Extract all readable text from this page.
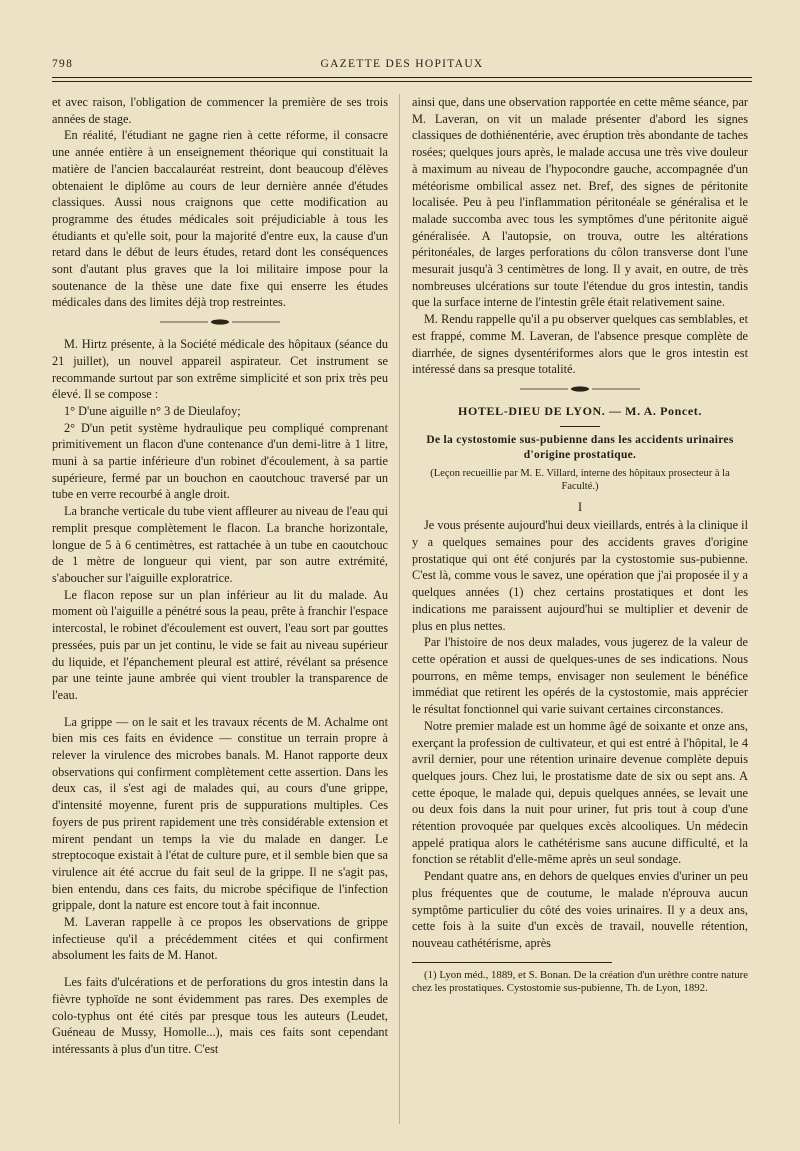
798	GAZETTE DES HOPITAUX

et avec raison, l'obligation de commencer la première de ses trois années de stage.

En réalité, l'étudiant ne gagne rien à cette réforme, il consacre une année entière à un enseignement théorique qui constituait la matière de l'ancien baccalauréat restreint, dont beaucoup d'élèves obtenaient le diplôme au cours de leur dernière année d'études classiques. Aussi nous craignons que cette modification au programme des études médicales soit préjudiciable à tous les étudiants et qu'elle soit, pour la majorité d'entre eux, la cause d'un retard dans le début de leurs études, retard dont les conséquences sont d'autant plus graves que la loi militaire impose pour la soutenance de la thèse une date fixe qui enserre les études médicales dans des limites déjà trop restreintes.

M. Hirtz présente, à la Société médicale des hôpitaux (séance du 21 juillet), un nouvel appareil aspirateur. Cet instrument se recommande surtout par son extrême simplicité et son prix très peu élevé. Il se compose :

1° D'une aiguille n° 3 de Dieulafoy;

2° D'un petit système hydraulique peu compliqué comprenant primitivement un flacon d'une contenance d'un demi-litre à 1 litre, muni à sa partie inférieure d'un robinet d'écoulement, à sa partie supérieure, fermé par un bouchon en caoutchouc traversé par un tube en verre recourbé à angle droit.

La branche verticale du tube vient affleurer au niveau de l'eau qui remplit presque complètement le flacon. La branche horizontale, longue de 5 à 6 centimètres, est rattachée à un tube en caoutchouc de 1 mètre de longueur qui vient, par son autre extrémité, s'aboucher sur l'aiguille exploratrice.

Le flacon repose sur un plan inférieur au lit du malade. Au moment où l'aiguille a pénétré sous la peau, prête à franchir l'espace intercostal, le robinet d'écoulement est ouvert, l'eau sort par gouttes pressées, puis par un jet continu, le vide se fait au niveau supérieur du liquide, et l'épanchement pleural est attiré, révélant sa présence par une teinte jaune ambrée qui vient troubler la transparence de l'eau.

La grippe — on le sait et les travaux récents de M. Achalme ont bien mis ces faits en évidence — constitue un terrain propre à relever la virulence des microbes banals. M. Hanot rapporte deux observations qui confirment complètement cette assertion. Dans les deux cas, il s'est agi de malades qui, au cours d'une grippe, d'intensité moyenne, furent pris de suppurations multiples. Ces foyers de pus prirent rapidement une très considérable extension et mirent pendant un temps la vie du malade en danger. Le streptocoque existait à l'état de culture pure, et il semble bien que sa virulence ait été accrue du fait seul de la grippe. Il ne s'agit pas, bien entendu, dans ces faits, du microbe spécifique de l'infection grippale, dont la nature est encore tout à fait inconnue.

M. Laveran rappelle à ce propos les observations de grippe infectieuse qu'il a précédemment citées et qui confirment absolument les faits de M. Hanot.

Les faits d'ulcérations et de perforations du gros intestin dans la fièvre typhoïde ne sont évidemment pas rares. Des exemples de colo-typhus ont été cités par presque tous les auteurs (Leudet, Guéneau de Mussy, Homolle...), mais ces faits sont cependant intéressants à plus d'un titre. C'est

ainsi que, dans une observation rapportée en cette même séance, par M. Laveran, on vit un malade présenter d'abord les signes classiques de dothiénentérie, avec éruption très abondante de taches rosées; quelques jours après, le malade accusa une très vive douleur à maximum au niveau de l'hypocondre gauche, accompagnée d'un météorisme ombilical assez net. Bref, des signes de péritonite localisée. Peu à peu l'inflammation péritonéale se généralisa et le malade succomba avec tous les symptômes d'une péritonite aiguë généralisée. A l'autopsie, on trouva, outre les altérations péritonéales, de larges perforations du côlon transverse dont l'une mesurait jusqu'à 3 centimètres de long. Il y avait, en outre, de très nombreuses ulcérations sur toute l'étendue du gros intestin, tandis que la surface interne de l'intestin grêle était relativement saine.

M. Rendu rappelle qu'il a pu observer quelques cas semblables, et est frappé, comme M. Laveran, de l'absence presque complète de diarrhée, de signes dysentériformes alors que le gros intestin est intéressé dans sa presque totalité.

HOTEL-DIEU DE LYON. — M. A. Poncet.
De la cystostomie sus-pubienne dans les accidents urinaires d'origine prostatique.
(Leçon recueillie par M. E. Villard, interne des hôpitaux prosecteur à la Faculté.)
I

Je vous présente aujourd'hui deux vieillards, entrés à la clinique il y a quelques semaines pour des accidents graves d'origine prostatique qui ont été conjurés par la cystostomie sus-pubienne. C'est là, comme vous le savez, une opération que j'ai proposée il y a quelques années (1) chez certains prostatiques et dont les indications me paraissent aujourd'hui se multiplier et devenir de plus en plus nettes.

Par l'histoire de nos deux malades, vous jugerez de la valeur de cette opération et aussi de quelques-unes de ses indications. Nous pourrons, en même temps, envisager non seulement le bénéfice immédiat que retirent les opérés de la cystostomie, mais apprécier le résultat fonctionnel qui varie suivant certaines circonstances.

Notre premier malade est un homme âgé de soixante et onze ans, exerçant la profession de cultivateur, et qui est entré à l'hôpital, le 4 avril dernier, pour une rétention urinaire devenue complète depuis quelques jours. Chez lui, le prostatisme date de six ou sept ans. A cette époque, le malade qui, depuis quelques années, se levait une ou deux fois dans la nuit pour uriner, fut pris tout à coup d'une rétention provoquée par quelques excès alcooliques. Un médecin appelé pratiqua alors le cathétérisme sans aucune difficulté, et la fonction se rétablit d'elle-même après un seul sondage.

Pendant quatre ans, en dehors de quelques envies d'uriner un peu plus fréquentes que de coutume, le malade n'éprouva aucun symptôme particulier du côté des voies urinaires. Il y a deux ans, cette fois à la suite d'un excès de travail, nouvelle rétention, nouveau cathétérisme, après

(1) Lyon méd., 1889, et S. Bonan. De la création d'un urèthre contre nature chez les prostatiques. Cystostomie sus-pubienne, Th. de Lyon, 1892.
